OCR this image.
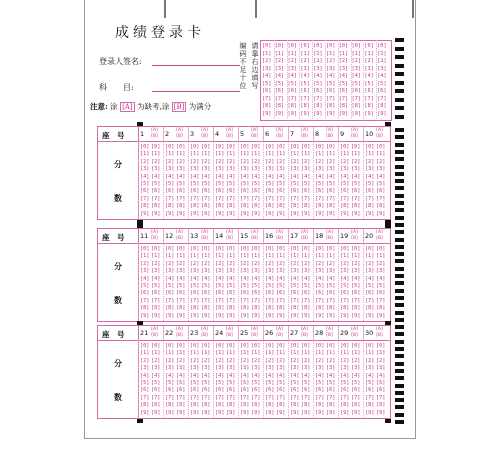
成绩登录卡
登录人签名:
科　　目:
注意: 涂 [A] 为缺考,涂 [B] 为满分
编码不足十位 请靠右边填写 [0]
[1]
[2]
[3]
[4]
[5]
[6]
[7]
[8]
[9]
[0]
[1]
[2]
[3]
[4]
[5]
[6]
[7]
[8]
[9]
[0]
[1]
[2]
[3]
[4]
[5]
[6]
[7]
[8]
[9]
[0]
[1]
[2]
[3]
[4]
[5]
[6]
[7]
[8]
[9]
[0]
[1]
[2]
[3]
[4]
[5]
[6]
[7]
[8]
[9]
[0]
[1]
[2]
[3]
[4]
[5]
[6]
[7]
[8]
[9]
[0]
[1]
[2]
[3]
[4]
[5]
[6]
[7]
[8]
[9]
[0]
[1]
[2]
[3]
[4]
[5]
[6]
[7]
[8]
[9]
[0]
[1]
[2]
[3]
[4]
[5]
[6]
[7]
[8]
[9]
[0]
[1]
[2]
[3]
[4]
[5]
[6]
[7]
[8]
[9]
座　号
分
数
1 [A]
[B]
[0]
[1]
[2]
[3]
[4]
[5]
[6]
[7]
[8]
[9]
[0]
[1]
[2]
[3]
[4]
[5]
[6]
[7]
[8]
[9]
2 [A]
[B]
[0]
[1]
[2]
[3]
[4]
[5]
[6]
[7]
[8]
[9]
[0]
[1]
[2]
[3]
[4]
[5]
[6]
[7]
[8]
[9]
3 [A]
[B]
[0]
[1]
[2]
[3]
[4]
[5]
[6]
[7]
[8]
[9]
[0]
[1]
[2]
[3]
[4]
[5]
[6]
[7]
[8]
[9]
4 [A]
[B]
[0]
[1]
[2]
[3]
[4]
[5]
[6]
[7]
[8]
[9]
[0]
[1]
[2]
[3]
[4]
[5]
[6]
[7]
[8]
[9]
5 [A]
[B]
[0]
[1]
[2]
[3]
[4]
[5]
[6]
[7]
[8]
[9]
[0]
[1]
[2]
[3]
[4]
[5]
[6]
[7]
[8]
[9]
6 [A]
[B]
[0]
[1]
[2]
[3]
[4]
[5]
[6]
[7]
[8]
[9]
[0]
[1]
[2]
[3]
[4]
[5]
[6]
[7]
[8]
[9]
7 [A]
[B]
[0]
[1]
[2]
[3]
[4]
[5]
[6]
[7]
[8]
[9]
[0]
[1]
[2]
[3]
[4]
[5]
[6]
[7]
[8]
[9]
8 [A]
[B]
[0]
[1]
[2]
[3]
[4]
[5]
[6]
[7]
[8]
[9]
[0]
[1]
[2]
[3]
[4]
[5]
[6]
[7]
[8]
[9]
9 [A]
[B]
[0]
[1]
[2]
[3]
[4]
[5]
[6]
[7]
[8]
[9]
[0]
[1]
[2]
[3]
[4]
[5]
[6]
[7]
[8]
[9]
10 [A]
[B]
[0]
[1]
[2]
[3]
[4]
[5]
[6]
[7]
[8]
[9]
[0]
[1]
[2]
[3]
[4]
[5]
[6]
[7]
[8]
[9]
座　号
分
数
11 [A]
[B]
[0]
[1]
[2]
[3]
[4]
[5]
[6]
[7]
[8]
[9]
[0]
[1]
[2]
[3]
[4]
[5]
[6]
[7]
[8]
[9]
12 [A]
[B]
[0]
[1]
[2]
[3]
[4]
[5]
[6]
[7]
[8]
[9]
[0]
[1]
[2]
[3]
[4]
[5]
[6]
[7]
[8]
[9]
13 [A]
[B]
[0]
[1]
[2]
[3]
[4]
[5]
[6]
[7]
[8]
[9]
[0]
[1]
[2]
[3]
[4]
[5]
[6]
[7]
[8]
[9]
14 [A]
[B]
[0]
[1]
[2]
[3]
[4]
[5]
[6]
[7]
[8]
[9]
[0]
[1]
[2]
[3]
[4]
[5]
[6]
[7]
[8]
[9]
15 [A]
[B]
[0]
[1]
[2]
[3]
[4]
[5]
[6]
[7]
[8]
[9]
[0]
[1]
[2]
[3]
[4]
[5]
[6]
[7]
[8]
[9]
16 [A]
[B]
[0]
[1]
[2]
[3]
[4]
[5]
[6]
[7]
[8]
[9]
[0]
[1]
[2]
[3]
[4]
[5]
[6]
[7]
[8]
[9]
17 [A]
[B]
[0]
[1]
[2]
[3]
[4]
[5]
[6]
[7]
[8]
[9]
[0]
[1]
[2]
[3]
[4]
[5]
[6]
[7]
[8]
[9]
18 [A]
[B]
[0]
[1]
[2]
[3]
[4]
[5]
[6]
[7]
[8]
[9]
[0]
[1]
[2]
[3]
[4]
[5]
[6]
[7]
[8]
[9]
19 [A]
[B]
[0]
[1]
[2]
[3]
[4]
[5]
[6]
[7]
[8]
[9]
[0]
[1]
[2]
[3]
[4]
[5]
[6]
[7]
[8]
[9]
20 [A]
[B]
[0]
[1]
[2]
[3]
[4]
[5]
[6]
[7]
[8]
[9]
[0]
[1]
[2]
[3]
[4]
[5]
[6]
[7]
[8]
[9]
座　号
分
数
21 [A]
[B]
[0]
[1]
[2]
[3]
[4]
[5]
[6]
[7]
[8]
[9]
[0]
[1]
[2]
[3]
[4]
[5]
[6]
[7]
[8]
[9]
22 [A]
[B]
[0]
[1]
[2]
[3]
[4]
[5]
[6]
[7]
[8]
[9]
[0]
[1]
[2]
[3]
[4]
[5]
[6]
[7]
[8]
[9]
23 [A]
[B]
[0]
[1]
[2]
[3]
[4]
[5]
[6]
[7]
[8]
[9]
[0]
[1]
[2]
[3]
[4]
[5]
[6]
[7]
[8]
[9]
24 [A]
[B]
[0]
[1]
[2]
[3]
[4]
[5]
[6]
[7]
[8]
[9]
[0]
[1]
[2]
[3]
[4]
[5]
[6]
[7]
[8]
[9]
25 [A]
[B]
[0]
[1]
[2]
[3]
[4]
[5]
[6]
[7]
[8]
[9]
[0]
[1]
[2]
[3]
[4]
[5]
[6]
[7]
[8]
[9]
26 [A]
[B]
[0]
[1]
[2]
[3]
[4]
[5]
[6]
[7]
[8]
[9]
[0]
[1]
[2]
[3]
[4]
[5]
[6]
[7]
[8]
[9]
27 [A]
[B]
[0]
[1]
[2]
[3]
[4]
[5]
[6]
[7]
[8]
[9]
[0]
[1]
[2]
[3]
[4]
[5]
[6]
[7]
[8]
[9]
28 [A]
[B]
[0]
[1]
[2]
[3]
[4]
[5]
[6]
[7]
[8]
[9]
[0]
[1]
[2]
[3]
[4]
[5]
[6]
[7]
[8]
[9]
29 [A]
[B]
[0]
[1]
[2]
[3]
[4]
[5]
[6]
[7]
[8]
[9]
[0]
[1]
[2]
[3]
[4]
[5]
[6]
[7]
[8]
[9]
30 [A]
[B]
[0]
[1]
[2]
[3]
[4]
[5]
[6]
[7]
[8]
[9]
[0]
[1]
[2]
[3]
[4]
[5]
[6]
[7]
[8]
[9]
